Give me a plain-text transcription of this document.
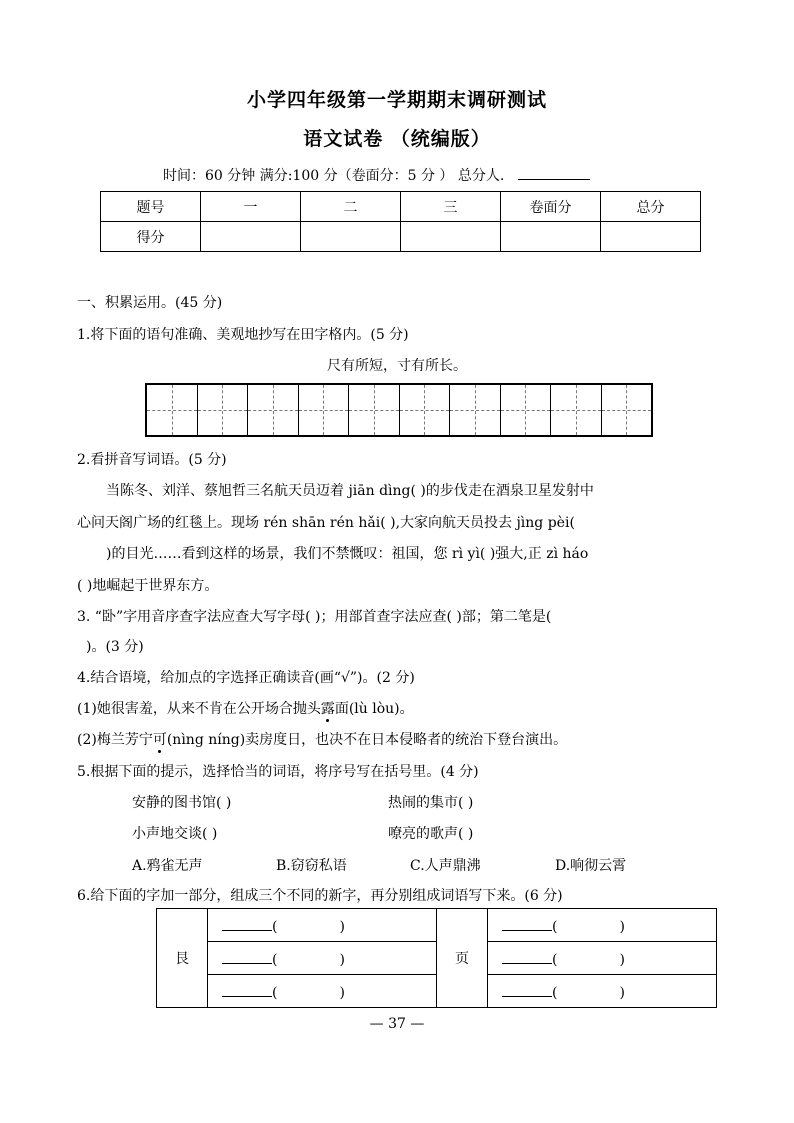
小学四年级第一学期期末调研测试
语文试卷 （统编版）
时间：60 分钟 满分:100 分（卷面分：5 分 ） 总分人.
题号	一	二	三	卷面分	总分
得分					
一、积累运用。(45 分)
1.将下面的语句准确、美观地抄写在田字格内。(5 分)
尺有所短，寸有所长。
2.看拼音写词语。(5 分)
当陈冬、刘洋、蔡旭哲三名航天员迈着 jiān dìng( )的步伐走在酒泉卫星发射中
心问天阁广场的红毯上。现场 rén shān rén hǎi( ),大家向航天员投去 jìng pèi(
)的目光……看到这样的场景，我们不禁慨叹：祖国，您 rì yì( )强大,正 zì háo
( )地崛起于世界东方。
3. “卧”字用音序查字法应查大写字母( )；用部首查字法应查( )部；第二笔是(
)。(3 分)
4.结合语境，给加点的字选择正确读音(画“√”)。(2 分)
(1)她很害羞，从来不肯在公开场合抛头露面(lù lòu)。
(2)梅兰芳宁可(nìng níng)卖房度日，也决不在日本侵略者的统治下登台演出。
5.根据下面的提示，选择恰当的词语，将序号写在括号里。(4 分)
安静的图书馆( )	热闹的集市( )
小声地交谈( )	嘹亮的歌声( )
A.鸦雀无声	B.窃窃私语	C.人声鼎沸	D.响彻云霄
6.给下面的字加一部分，组成三个不同的新字，再分别组成词语写下来。(6 分)
艮	( )	页	( )
	( )		( )
	( )		( )
— 37 —
